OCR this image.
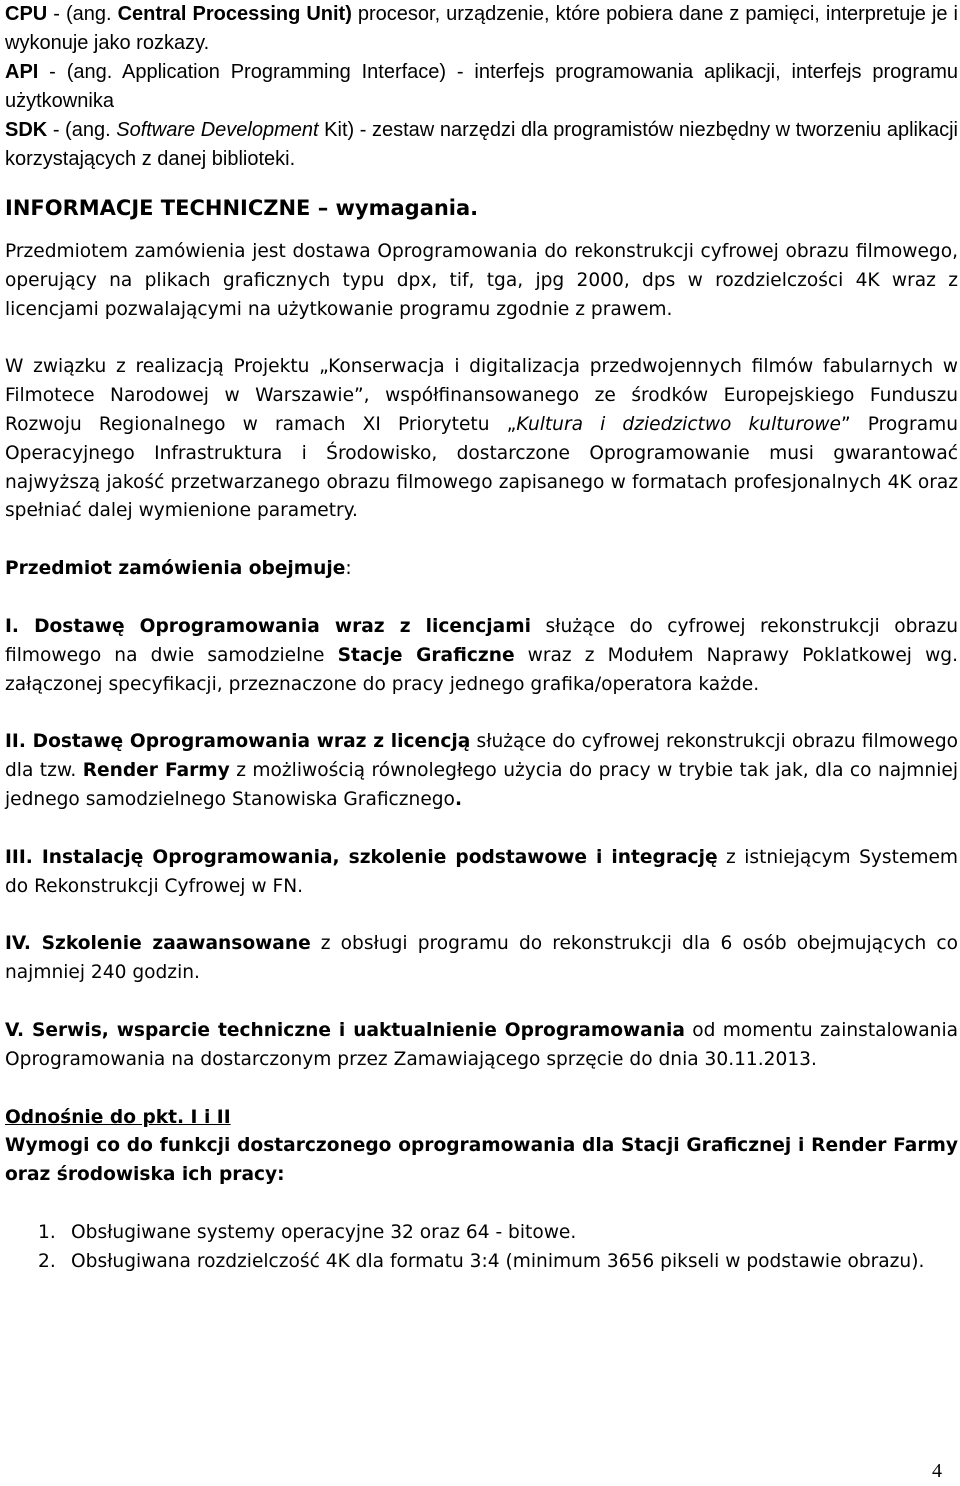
CPU - (ang. Central Processing Unit) procesor, urządzenie, które pobiera dane z pamięci, interpretuje je i wykonuje jako rozkazy.

API - (ang. Application Programming Interface) - interfejs programowania aplikacji, interfejs programu użytkownika

SDK - (ang. Software Development Kit) - zestaw narzędzi dla programistów niezbędny w tworzeniu aplikacji korzystających z danej biblioteki.

INFORMACJE TECHNICZNE – wymagania.

Przedmiotem zamówienia jest dostawa Oprogramowania do rekonstrukcji cyfrowej obrazu filmowego, operujący na plikach graficznych typu dpx, tif, tga, jpg 2000, dps w rozdzielczości 4K wraz z licencjami pozwalającymi na użytkowanie programu zgodnie z prawem.

W związku z realizacją Projektu „Konserwacja i digitalizacja przedwojennych filmów fabularnych w Filmotece Narodowej w Warszawie”, współfinansowanego ze środków Europejskiego Funduszu Rozwoju Regionalnego w ramach XI Priorytetu „Kultura i dziedzictwo kulturowe” Programu Operacyjnego Infrastruktura i Środowisko, dostarczone Oprogramowanie musi gwarantować najwyższą jakość przetwarzanego obrazu filmowego zapisanego w formatach profesjonalnych 4K oraz spełniać dalej wymienione parametry.

Przedmiot zamówienia obejmuje:

I. Dostawę Oprogramowania wraz z licencjami służące do cyfrowej rekonstrukcji obrazu filmowego na dwie samodzielne Stacje Graficzne wraz z Modułem Naprawy Poklatkowej wg. załączonej specyfikacji, przeznaczone do pracy jednego grafika/operatora każde.

II. Dostawę Oprogramowania wraz z licencją służące do cyfrowej rekonstrukcji obrazu filmowego dla tzw. Render Farmy z możliwością równoległego użycia do pracy w trybie tak jak, dla co najmniej jednego samodzielnego Stanowiska Graficznego.

III. Instalację Oprogramowania, szkolenie podstawowe i integrację z istniejącym Systemem do Rekonstrukcji Cyfrowej w FN.

IV. Szkolenie zaawansowane z obsługi programu do rekonstrukcji dla 6 osób obejmujących co najmniej 240 godzin.

V. Serwis, wsparcie techniczne i uaktualnienie Oprogramowania od momentu zainstalowania Oprogramowania na dostarczonym przez Zamawiającego sprzęcie do dnia 30.11.2013.

Odnośnie do pkt. I i II

Wymogi co do funkcji dostarczonego oprogramowania dla Stacji Graficznej i Render Farmy oraz środowiska ich pracy:

1. Obsługiwane systemy operacyjne 32 oraz 64 - bitowe.
2. Obsługiwana rozdzielczość 4K dla formatu 3:4 (minimum 3656 pikseli w podstawie obrazu).
4
